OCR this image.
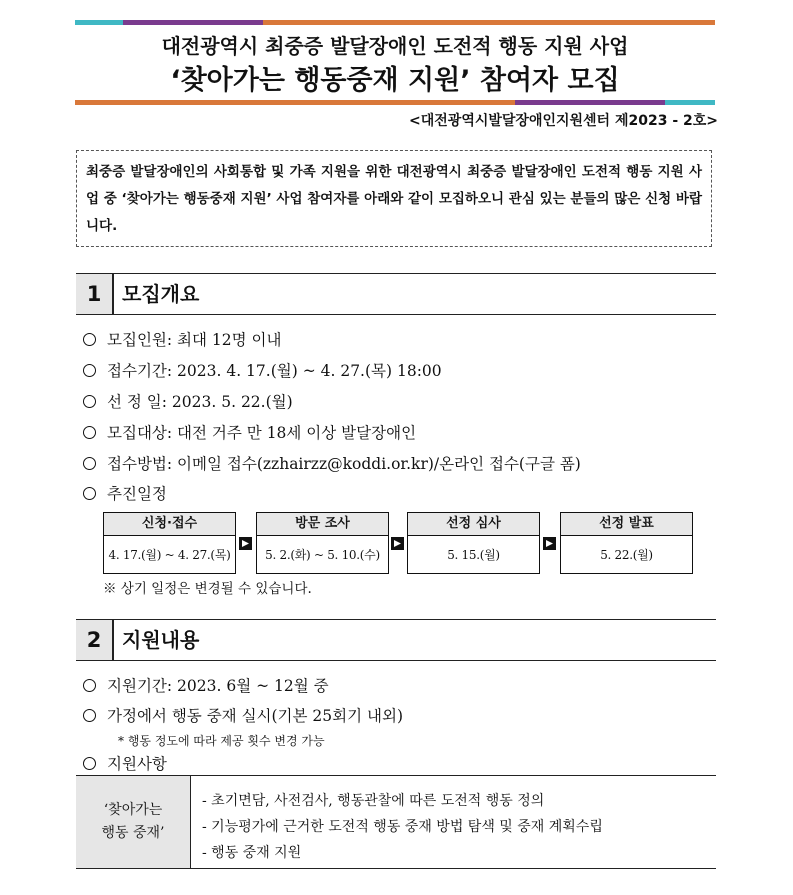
대전광역시 최중증 발달장애인 도전적 행동 지원 사업
‘찾아가는 행동중재 지원’ 참여자 모집
<대전광역시발달장애인지원센터 제2023 - 2호>
최중증 발달장애인의 사회통합 및 가족 지원을 위한 대전광역시 최중증 발달장애인 도전적 행동 지원 사업 중 ‘찾아가는 행동중재 지원’ 사업 참여자를 아래와 같이 모집하오니 관심 있는 분들의 많은 신청 바랍니다.
1	모집개요
모집인원: 최대 12명 이내
접수기간: 2023. 4. 17.(월) ~ 4. 27.(목) 18:00
선 정 일: 2023. 5. 22.(월)
모집대상: 대전 거주 만 18세 이상 발달장애인
접수방법: 이메일 접수(zzhairzz@koddi.or.kr)/온라인 접수(구글 폼)
추진일정
신청·접수
4. 17.(월) ~ 4. 27.(목)
방문 조사
5. 2.(화) ~ 5. 10.(수)
선정 심사
5. 15.(월)
선정 발표
5. 22.(월)
※ 상기 일정은 변경될 수 있습니다.
2	지원내용
지원기간: 2023. 6월 ~ 12월 중
가정에서 행동 중재 실시(기본 25회기 내외)
* 행동 정도에 따라 제공 횟수 변경 가능
지원사항
‘찾아가는
행동 중재’
- 초기면담, 사전검사, 행동관찰에 따른 도전적 행동 정의
- 기능평가에 근거한 도전적 행동 중재 방법 탐색 및 중재 계획수립
- 행동 중재 지원
